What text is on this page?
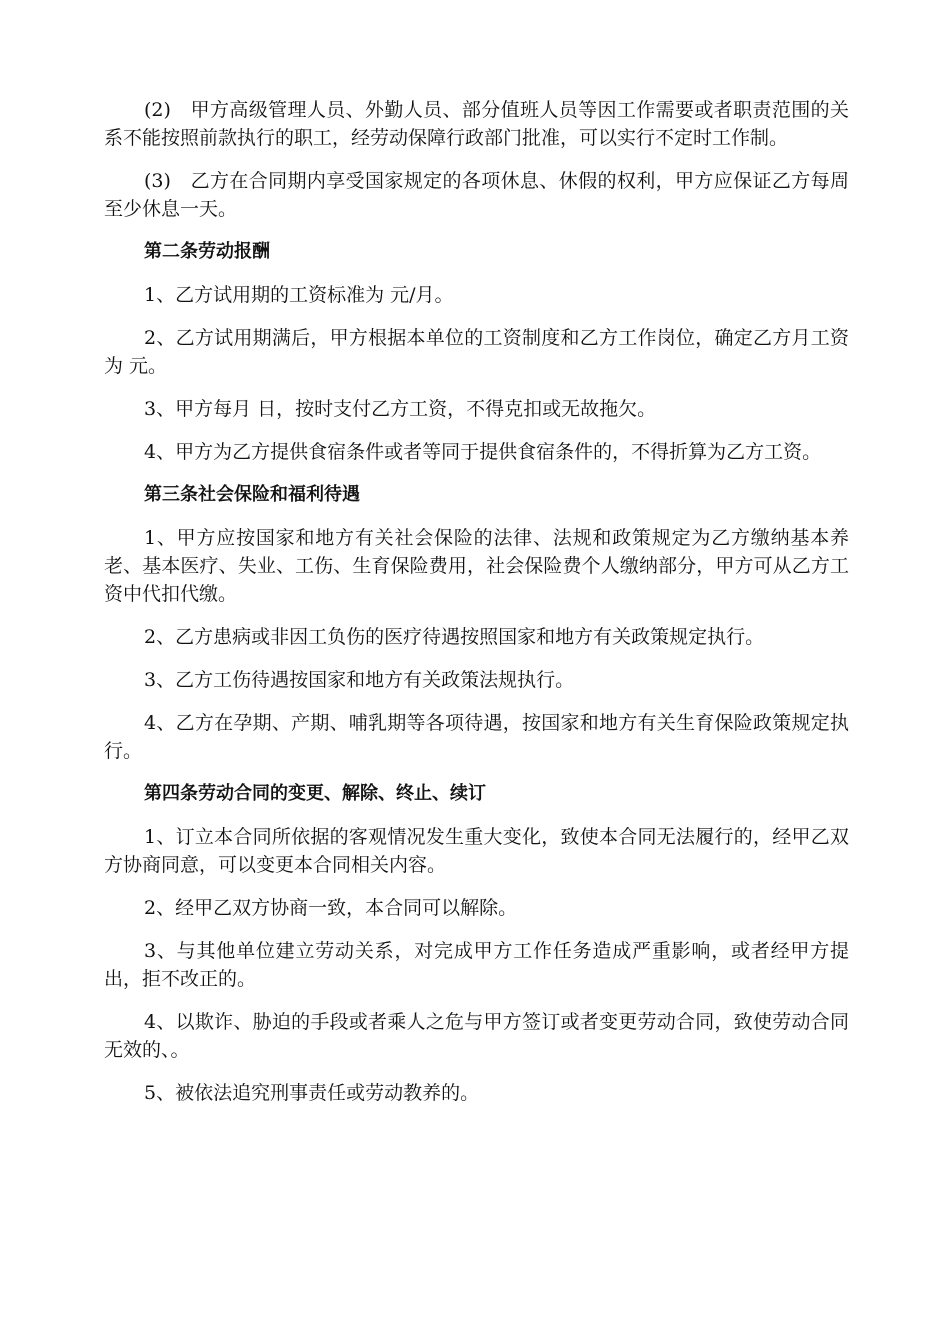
(2)　甲方高级管理人员、外勤人员、部分值班人员等因工作需要或者职责范围的关系不能按照前款执行的职工，经劳动保障行政部门批准，可以实行不定时工作制。

(3)　乙方在合同期内享受国家规定的各项休息、休假的权利，甲方应保证乙方每周至少休息一天。

第二条劳动报酬

1、乙方试用期的工资标准为 元/月。

2、乙方试用期满后，甲方根据本单位的工资制度和乙方工作岗位，确定乙方月工资为 元。

3、甲方每月 日，按时支付乙方工资，不得克扣或无故拖欠。

4、甲方为乙方提供食宿条件或者等同于提供食宿条件的，不得折算为乙方工资。

第三条社会保险和福利待遇

1、甲方应按国家和地方有关社会保险的法律、法规和政策规定为乙方缴纳基本养老、基本医疗、失业、工伤、生育保险费用，社会保险费个人缴纳部分，甲方可从乙方工资中代扣代缴。

2、乙方患病或非因工负伤的医疗待遇按照国家和地方有关政策规定执行。

3、乙方工伤待遇按国家和地方有关政策法规执行。

4、乙方在孕期、产期、哺乳期等各项待遇，按国家和地方有关生育保险政策规定执行。

第四条劳动合同的变更、解除、终止、续订

1、订立本合同所依据的客观情况发生重大变化，致使本合同无法履行的，经甲乙双方协商同意，可以变更本合同相关内容。

2、经甲乙双方协商一致，本合同可以解除。

3、与其他单位建立劳动关系，对完成甲方工作任务造成严重影响，或者经甲方提出，拒不改正的。

4、以欺诈、胁迫的手段或者乘人之危与甲方签订或者变更劳动合同，致使劳动合同无效的、。

5、被依法追究刑事责任或劳动教养的。
